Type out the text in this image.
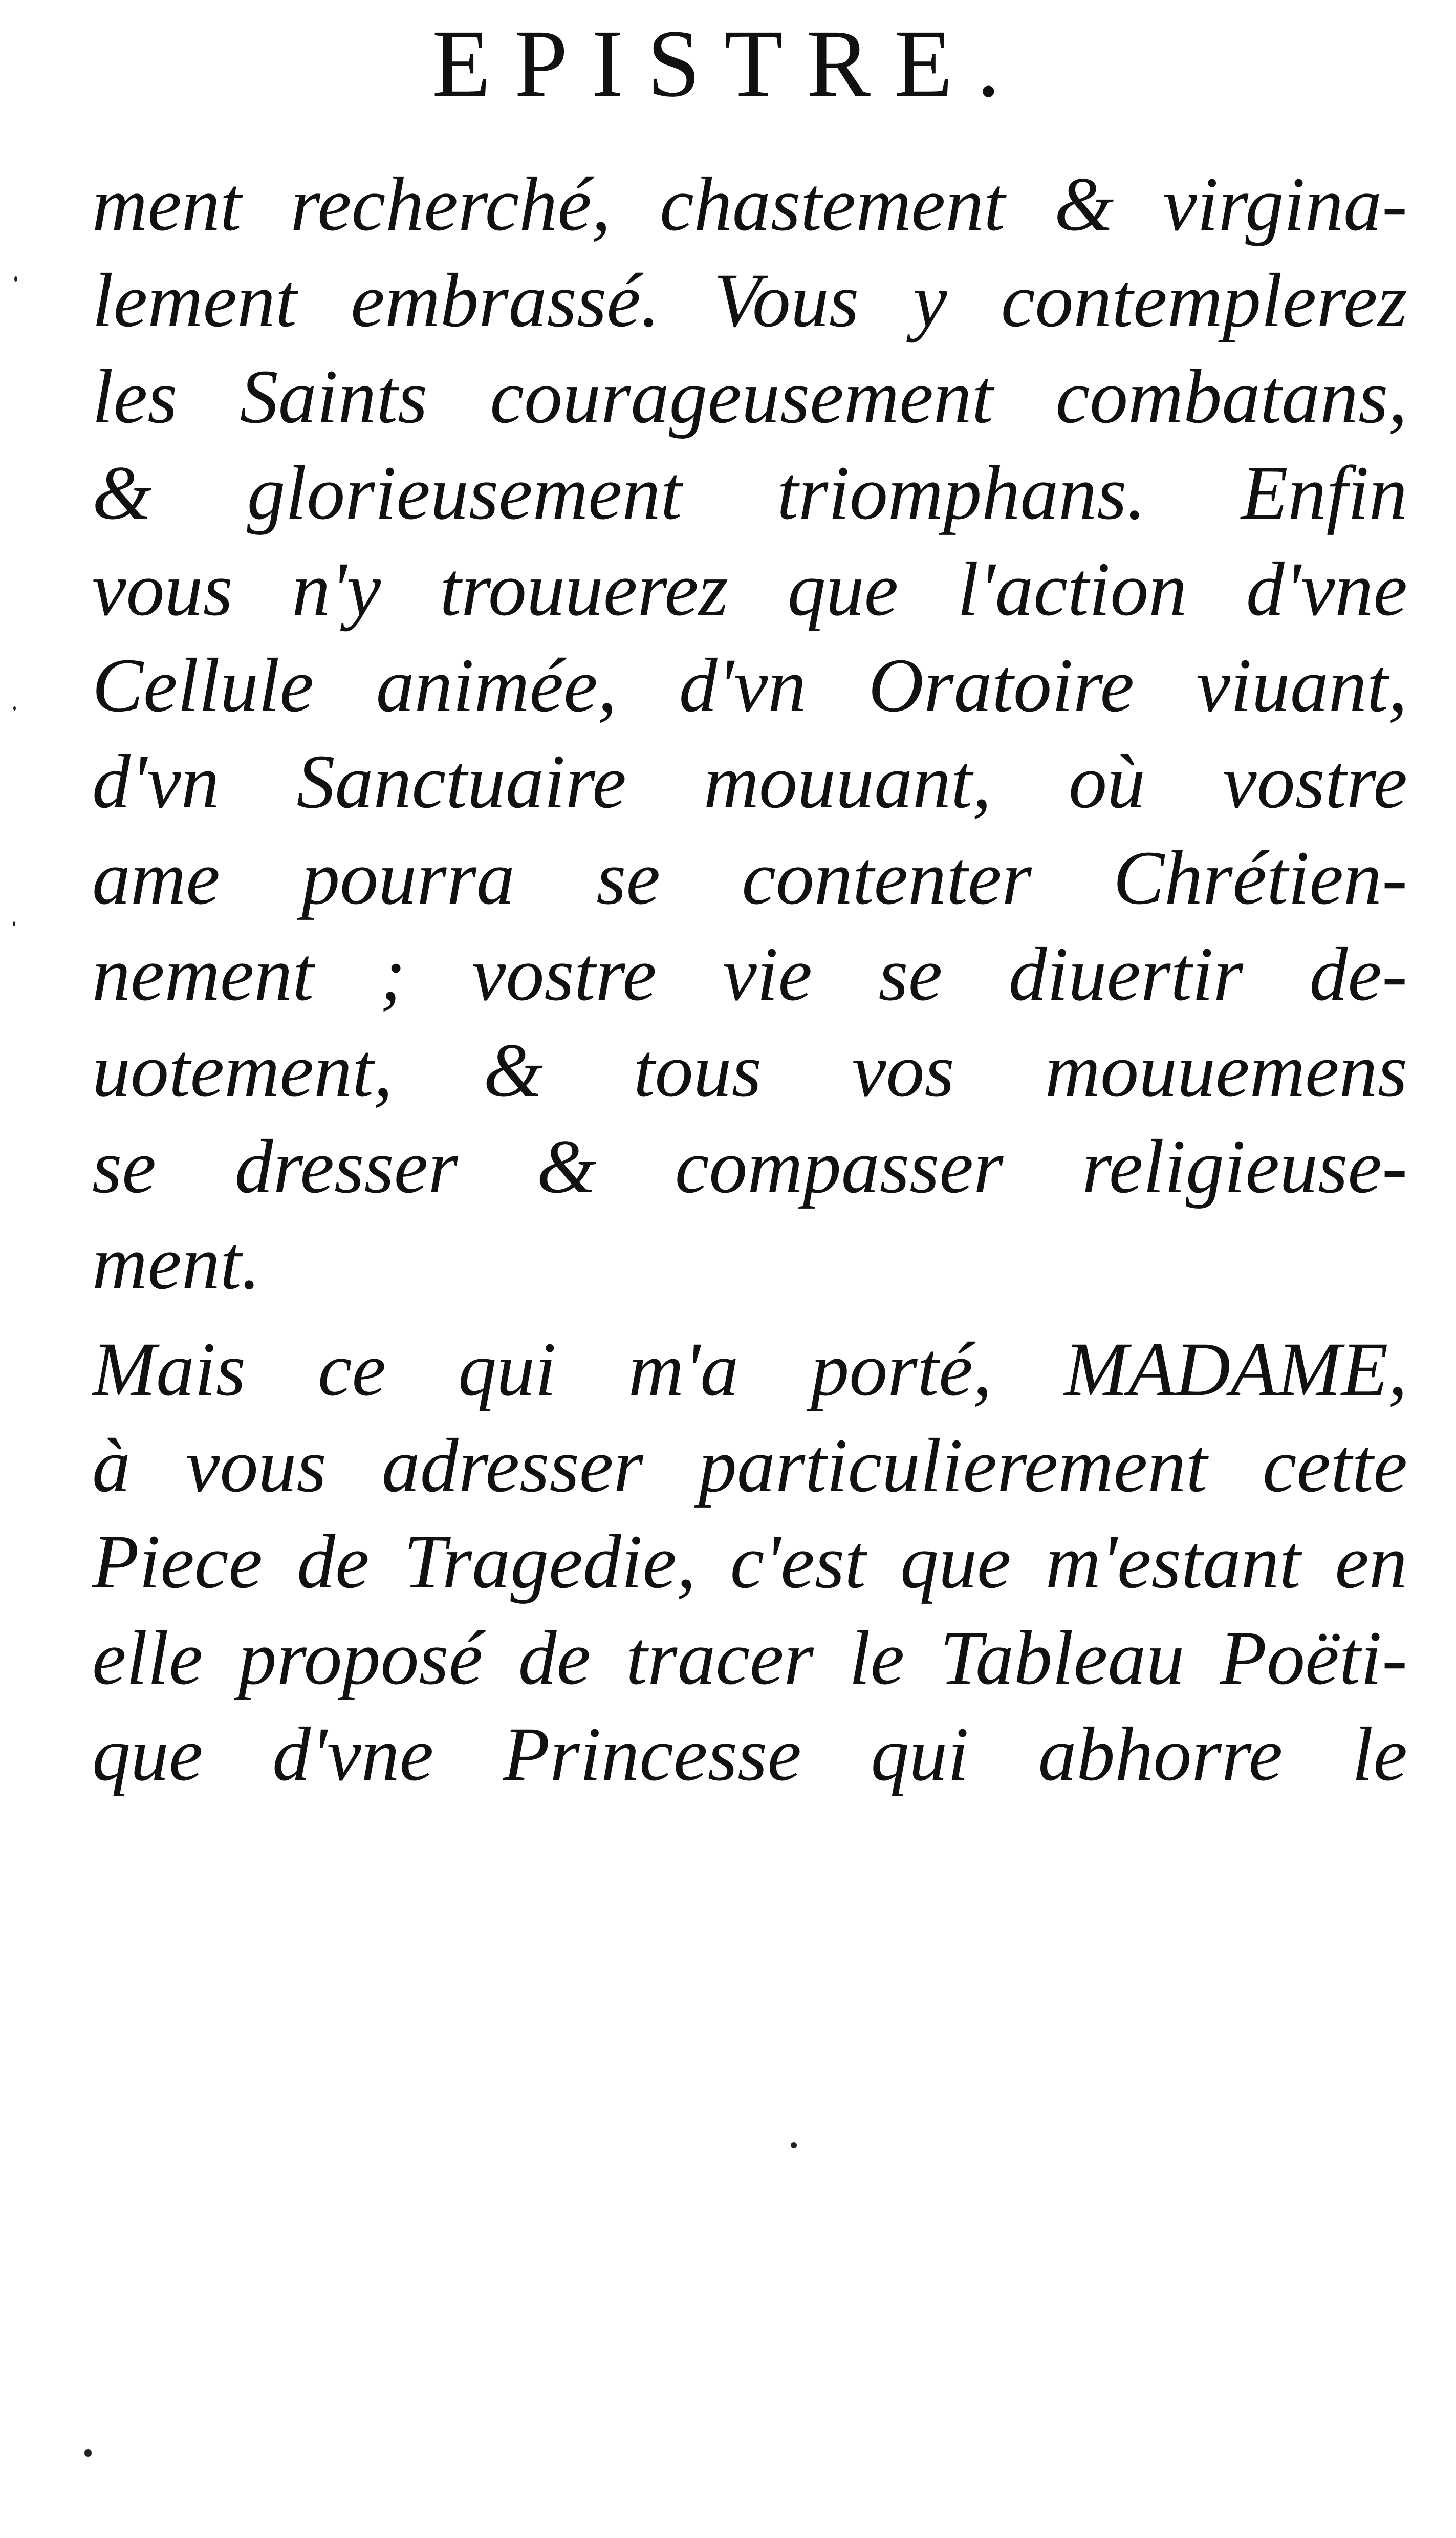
EPISTRE.
ment recherché, chastement & virgina-
lement embrassé. Vous y contemplerez
les Saints courageusement combatans,
& glorieusement triomphans. Enfin
vous n'y trouuerez que l'action d'vne
Cellule animée, d'vn Oratoire viuant,
d'vn Sanctuaire mouuant, où vostre
ame pourra se contenter Chrétien-
nement ; vostre vie se diuertir de-
uotement, & tous vos mouuemens
se dresser & compasser religieuse-
ment.
Mais ce qui m'a porté, MADAME,
à vous adresser particulierement cette
Piece de Tragedie, c'est que m'estant en
elle proposé de tracer le Tableau Poëti-
que d'vne Princesse qui abhorre le
